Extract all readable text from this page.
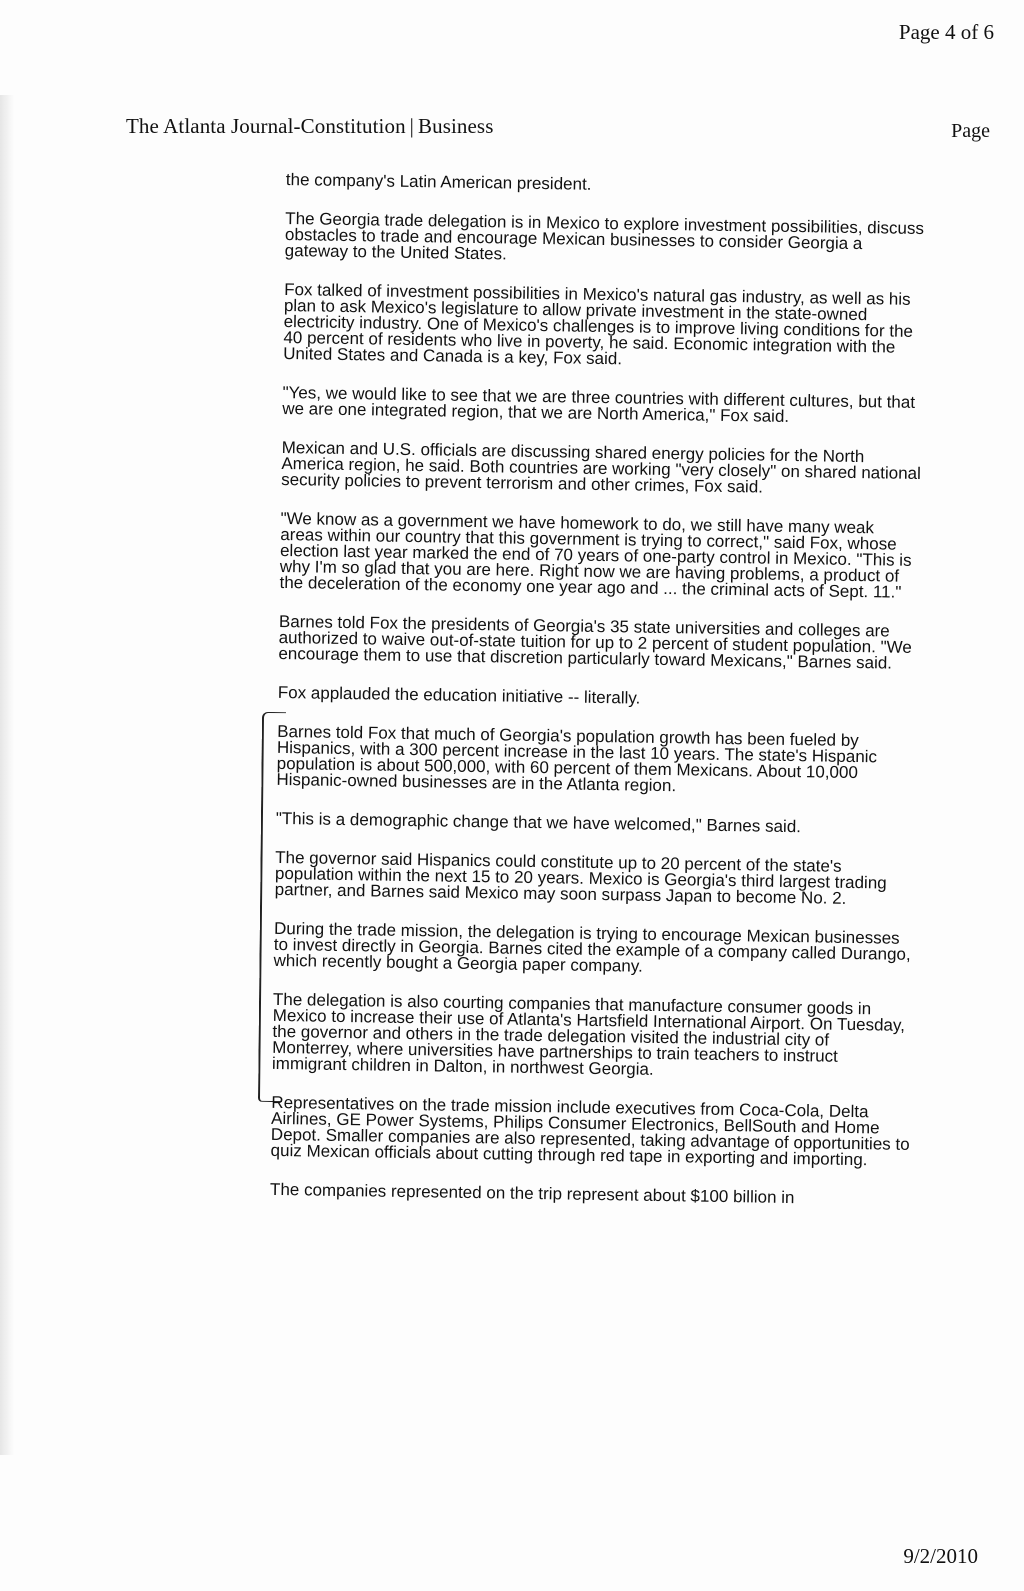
Page 4 of 6
The Atlanta Journal-Constitution | Business	Page

the company's Latin American president.

The Georgia trade delegation is in Mexico to explore investment possibilities, discuss obstacles to trade and encourage Mexican businesses to consider Georgia a gateway to the United States.

Fox talked of investment possibilities in Mexico's natural gas industry, as well as his plan to ask Mexico's legislature to allow private investment in the state-owned electricity industry. One of Mexico's challenges is to improve living conditions for the 40 percent of residents who live in poverty, he said. Economic integration with the United States and Canada is a key, Fox said.

"Yes, we would like to see that we are three countries with different cultures, but that we are one integrated region, that we are North America," Fox said.

Mexican and U.S. officials are discussing shared energy policies for the North America region, he said. Both countries are working "very closely" on shared national security policies to prevent terrorism and other crimes, Fox said.

"We know as a government we have homework to do, we still have many weak areas within our country that this government is trying to correct," said Fox, whose election last year marked the end of 70 years of one-party control in Mexico. "This is why I'm so glad that you are here. Right now we are having problems, a product of the deceleration of the economy one year ago and ... the criminal acts of Sept. 11."

Barnes told Fox the presidents of Georgia's 35 state universities and colleges are authorized to waive out-of-state tuition for up to 2 percent of student population. "We encourage them to use that discretion particularly toward Mexicans," Barnes said.

Fox applauded the education initiative -- literally.

Barnes told Fox that much of Georgia's population growth has been fueled by Hispanics, with a 300 percent increase in the last 10 years. The state's Hispanic population is about 500,000, with 60 percent of them Mexicans. About 10,000 Hispanic-owned businesses are in the Atlanta region.

"This is a demographic change that we have welcomed," Barnes said.

The governor said Hispanics could constitute up to 20 percent of the state's population within the next 15 to 20 years. Mexico is Georgia's third largest trading partner, and Barnes said Mexico may soon surpass Japan to become No. 2.

During the trade mission, the delegation is trying to encourage Mexican businesses to invest directly in Georgia. Barnes cited the example of a company called Durango, which recently bought a Georgia paper company.

The delegation is also courting companies that manufacture consumer goods in Mexico to increase their use of Atlanta's Hartsfield International Airport. On Tuesday, the governor and others in the trade delegation visited the industrial city of Monterrey, where universities have partnerships to train teachers to instruct immigrant children in Dalton, in northwest Georgia.

Representatives on the trade mission include executives from Coca-Cola, Delta Airlines, GE Power Systems, Philips Consumer Electronics, BellSouth and Home Depot. Smaller companies are also represented, taking advantage of opportunities to quiz Mexican officials about cutting through red tape in exporting and importing.

The companies represented on the trip represent about $100 billion in

9/2/2010
